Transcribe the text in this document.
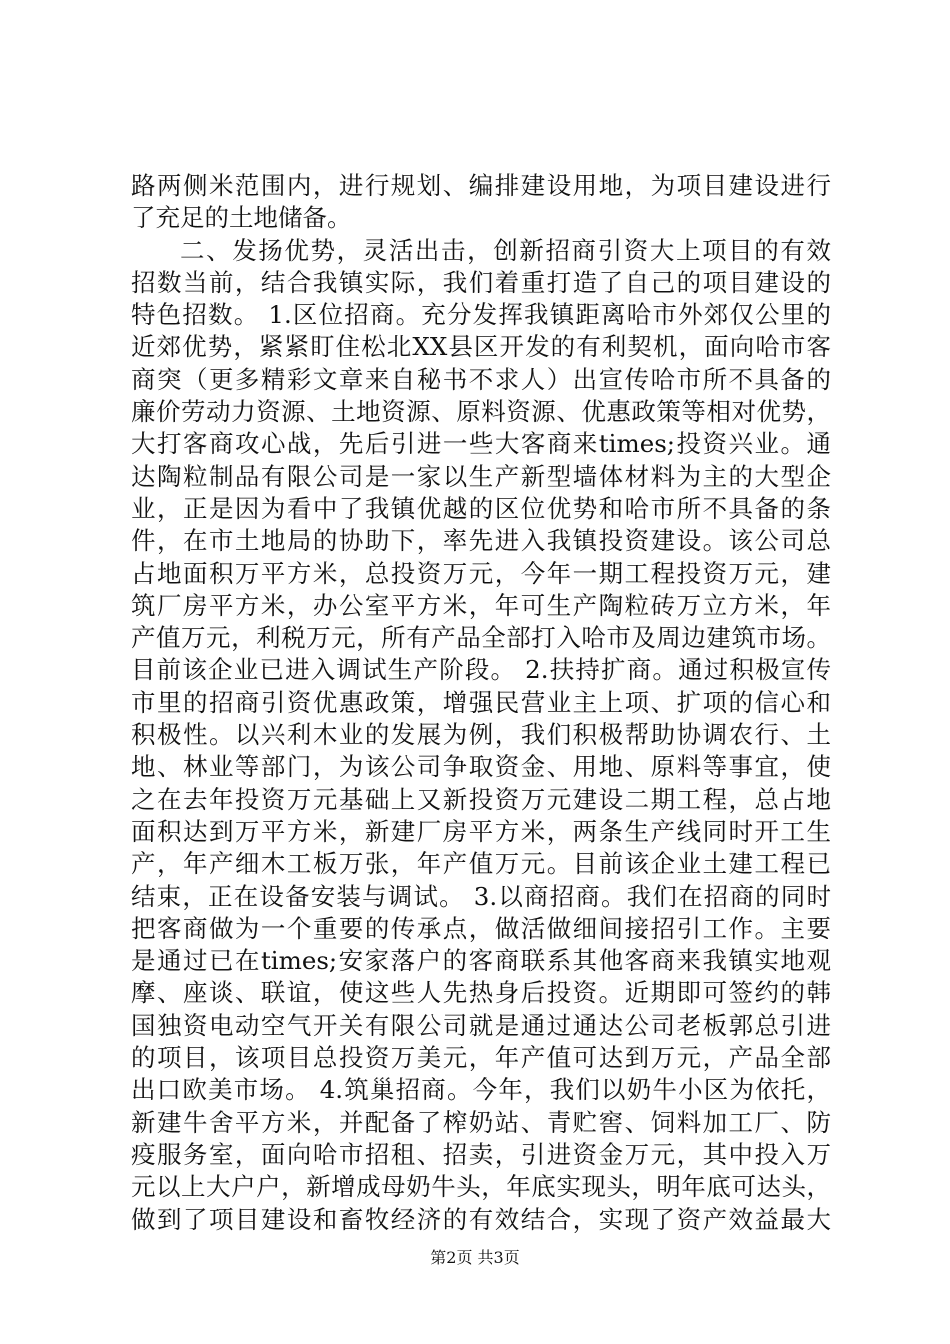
路两侧米范围内，进行规划、编排建设用地，为项目建设进行
了充足的土地储备。
二、发扬优势，灵活出击，创新招商引资大上项目的有效
招数当前，结合我镇实际，我们着重打造了自己的项目建设的
特色招数。 1.区位招商。充分发挥我镇距离哈市外郊仅公里的
近郊优势，紧紧盯住松北XX县区开发的有利契机，面向哈市客
商突（更多精彩文章来自秘书不求人）出宣传哈市所不具备的
廉价劳动力资源、土地资源、原料资源、优惠政策等相对优势，
大打客商攻心战，先后引进一些大客商来times;投资兴业。通
达陶粒制品有限公司是一家以生产新型墙体材料为主的大型企
业，正是因为看中了我镇优越的区位优势和哈市所不具备的条
件，在市土地局的协助下，率先进入我镇投资建设。该公司总
占地面积万平方米，总投资万元，今年一期工程投资万元，建
筑厂房平方米，办公室平方米，年可生产陶粒砖万立方米，年
产值万元，利税万元，所有产品全部打入哈市及周边建筑市场。
目前该企业已进入调试生产阶段。 2.扶持扩商。通过积极宣传
市里的招商引资优惠政策，增强民营业主上项、扩项的信心和
积极性。以兴利木业的发展为例，我们积极帮助协调农行、土
地、林业等部门，为该公司争取资金、用地、原料等事宜，使
之在去年投资万元基础上又新投资万元建设二期工程，总占地
面积达到万平方米，新建厂房平方米，两条生产线同时开工生
产，年产细木工板万张，年产值万元。目前该企业土建工程已
结束，正在设备安装与调试。 3.以商招商。我们在招商的同时
把客商做为一个重要的传承点，做活做细间接招引工作。主要
是通过已在times;安家落户的客商联系其他客商来我镇实地观
摩、座谈、联谊，使这些人先热身后投资。近期即可签约的韩
国独资电动空气开关有限公司就是通过通达公司老板郭总引进
的项目，该项目总投资万美元，年产值可达到万元，产品全部
出口欧美市场。 4.筑巢招商。今年，我们以奶牛小区为依托，
新建牛舍平方米，并配备了榨奶站、青贮窖、饲料加工厂、防
疫服务室，面向哈市招租、招卖，引进资金万元，其中投入万
元以上大户户，新增成母奶牛头，年底实现头，明年底可达头，
做到了项目建设和畜牧经济的有效结合，实现了资产效益最大
第2页 共3页
